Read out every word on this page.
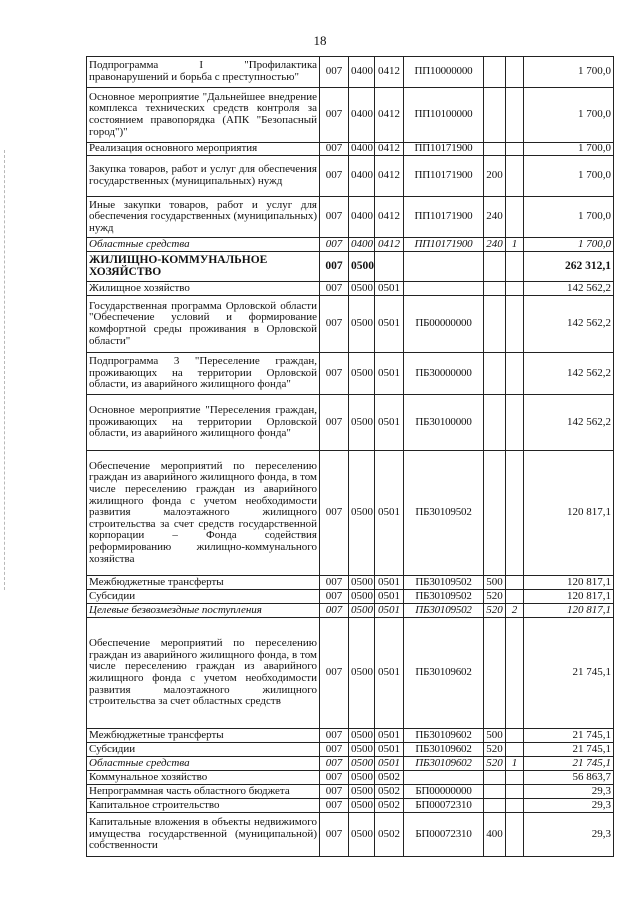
18
Подпрограмма I "Профилактика правонарушений и борьба с преступностью"	007	0400	0412	ПП10000000			1 700,0
Основное мероприятие "Дальнейшее внедрение комплекса технических средств контроля за состоянием правопорядка (АПК "Безопасный город")"	007	0400	0412	ПП10100000			1 700,0
Реализация основного мероприятия	007	0400	0412	ПП10171900			1 700,0
Закупка товаров, работ и услуг для обеспечения государственных (муниципальных) нужд	007	0400	0412	ПП10171900	200		1 700,0
Иные закупки товаров, работ и услуг для обеспечения государственных (муниципальных) нужд	007	0400	0412	ПП10171900	240		1 700,0
Областные средства	007	0400	0412	ПП10171900	240	1	1 700,0
ЖИЛИЩНО-КОММУНАЛЬНОЕ ХОЗЯЙСТВО	007	0500					262 312,1
Жилищное хозяйство	007	0500	0501				142 562,2
Государственная программа Орловской области "Обеспечение условий и формирование комфортной среды проживания в Орловской области"	007	0500	0501	ПБ00000000			142 562,2
Подпрограмма 3 "Переселение граждан, проживающих на территории Орловской области, из аварийного жилищного фонда"	007	0500	0501	ПБ30000000			142 562,2
Основное мероприятие "Переселения граждан, проживающих на территории Орловской области, из аварийного жилищного фонда"	007	0500	0501	ПБ30100000			142 562,2
Обеспечение мероприятий по переселению граждан из аварийного жилищного фонда, в том числе переселению граждан из аварийного жилищного фонда с учетом необходимости развития малоэтажного жилищного строительства за счет средств государственной корпорации – Фонда содействия реформированию жилищно-коммунального хозяйства	007	0500	0501	ПБ30109502			120 817,1
Межбюджетные трансферты	007	0500	0501	ПБ30109502	500		120 817,1
Субсидии	007	0500	0501	ПБ30109502	520		120 817,1
Целевые безвозмездные поступления	007	0500	0501	ПБ30109502	520	2	120 817,1
Обеспечение мероприятий по переселению граждан из аварийного жилищного фонда, в том числе переселению граждан из аварийного жилищного фонда с учетом необходимости развития малоэтажного жилищного строительства за счет областных средств	007	0500	0501	ПБ30109602			21 745,1
Межбюджетные трансферты	007	0500	0501	ПБ30109602	500		21 745,1
Субсидии	007	0500	0501	ПБ30109602	520		21 745,1
Областные средства	007	0500	0501	ПБ30109602	520	1	21 745,1
Коммунальное хозяйство	007	0500	0502				56 863,7
Непрограммная часть областного бюджета	007	0500	0502	БП00000000			29,3
Капитальное строительство	007	0500	0502	БП00072310			29,3
Капитальные вложения в объекты недвижимого имущества государственной (муниципальной) собственности	007	0500	0502	БП00072310	400		29,3
